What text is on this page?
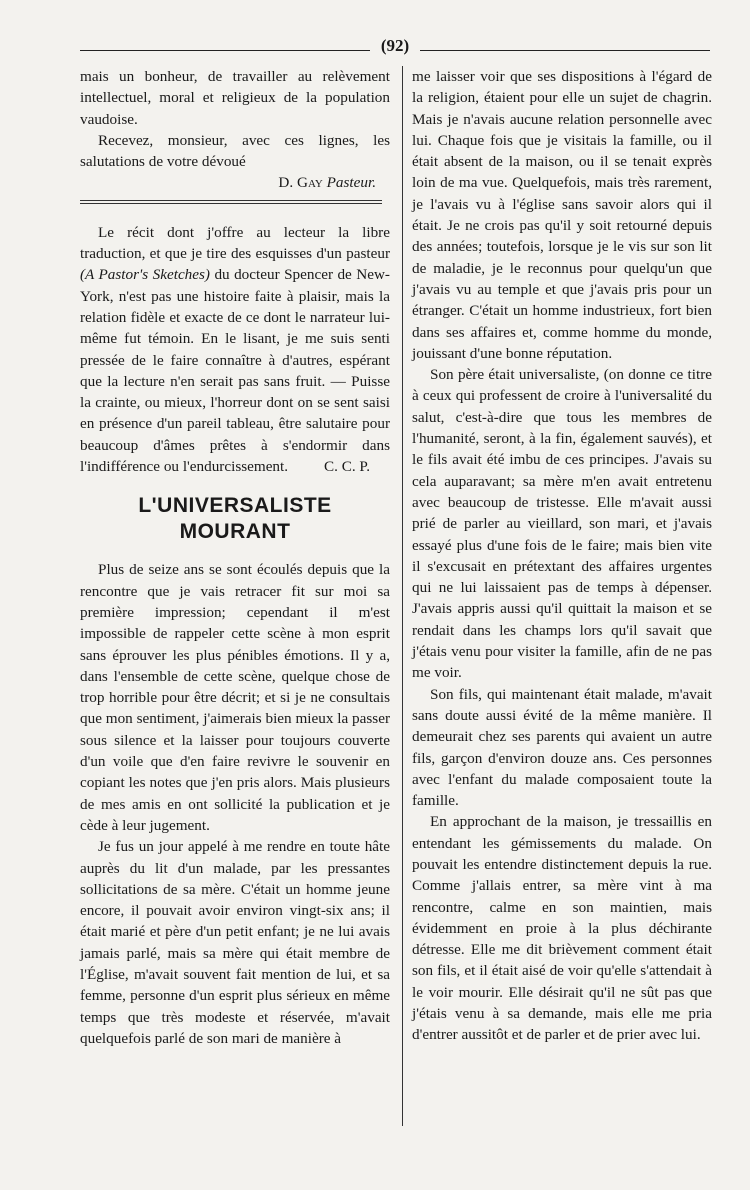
(92)

mais un bonheur, de travailler au relèvement intellectuel, moral et religieux de la population vaudoise.

Recevez, monsieur, avec ces lignes, les salutations de votre dévoué

D. Gay Pasteur.

Le récit dont j'offre au lecteur la libre traduction, et que je tire des esquisses d'un pasteur (A Pastor's Sketches) du docteur Spencer de New-York, n'est pas une histoire faite à plaisir, mais la relation fidèle et exacte de ce dont le narrateur lui-même fut témoin. En le lisant, je me suis senti pressée de le faire connaître à d'autres, espérant que la lecture n'en serait pas sans fruit. — Puisse la crainte, ou mieux, l'horreur dont on se sent saisi en présence d'un pareil tableau, être salutaire pour beaucoup d'âmes prêtes à s'endormir dans l'indifférence ou l'endurcissement.	C. C. P.

L'UNIVERSALISTE MOURANT

Plus de seize ans se sont écoulés depuis que la rencontre que je vais retracer fit sur moi sa première impression; cependant il m'est impossible de rappeler cette scène à mon esprit sans éprouver les plus pénibles émotions. Il y a, dans l'ensemble de cette scène, quelque chose de trop horrible pour être décrit; et si je ne consultais que mon sentiment, j'aimerais bien mieux la passer sous silence et la laisser pour toujours couverte d'un voile que d'en faire revivre le souvenir en copiant les notes que j'en pris alors. Mais plusieurs de mes amis en ont sollicité la publication et je cède à leur jugement.

Je fus un jour appelé à me rendre en toute hâte auprès du lit d'un malade, par les pressantes sollicitations de sa mère. C'était un homme jeune encore, il pouvait avoir environ vingt-six ans; il était marié et père d'un petit enfant; je ne lui avais jamais parlé, mais sa mère qui était membre de l'Église, m'avait souvent fait mention de lui, et sa femme, personne d'un esprit plus sérieux en même temps que très modeste et réservée, m'avait quelquefois parlé de son mari de manière à

me laisser voir que ses dispositions à l'égard de la religion, étaient pour elle un sujet de chagrin. Mais je n'avais aucune relation personnelle avec lui. Chaque fois que je visitais la famille, ou il était absent de la maison, ou il se tenait exprès loin de ma vue. Quelquefois, mais très rarement, je l'avais vu à l'église sans savoir alors qui il était. Je ne crois pas qu'il y soit retourné depuis des années; toutefois, lorsque je le vis sur son lit de maladie, je le reconnus pour quelqu'un que j'avais vu au temple et que j'avais pris pour un étranger. C'était un homme industrieux, fort bien dans ses affaires et, comme homme du monde, jouissant d'une bonne réputation.

Son père était universaliste, (on donne ce titre à ceux qui professent de croire à l'universalité du salut, c'est-à-dire que tous les membres de l'humanité, seront, à la fin, également sauvés), et le fils avait été imbu de ces principes. J'avais su cela auparavant; sa mère m'en avait entretenu avec beaucoup de tristesse. Elle m'avait aussi prié de parler au vieillard, son mari, et j'avais essayé plus d'une fois de le faire; mais bien vite il s'excusait en prétextant des affaires urgentes qui ne lui laissaient pas de temps à dépenser. J'avais appris aussi qu'il quittait la maison et se rendait dans les champs lors qu'il savait que j'étais venu pour visiter la famille, afin de ne pas me voir.

Son fils, qui maintenant était malade, m'avait sans doute aussi évité de la même manière. Il demeurait chez ses parents qui avaient un autre fils, garçon d'environ douze ans. Ces personnes avec l'enfant du malade composaient toute la famille.

En approchant de la maison, je tressaillis en entendant les gémissements du malade. On pouvait les entendre distinctement depuis la rue. Comme j'allais entrer, sa mère vint à ma rencontre, calme en son maintien, mais évidemment en proie à la plus déchirante détresse. Elle me dit brièvement comment était son fils, et il était aisé de voir qu'elle s'attendait à le voir mourir. Elle désirait qu'il ne sût pas que j'étais venu à sa demande, mais elle me pria d'entrer aussitôt et de parler et de prier avec lui.
